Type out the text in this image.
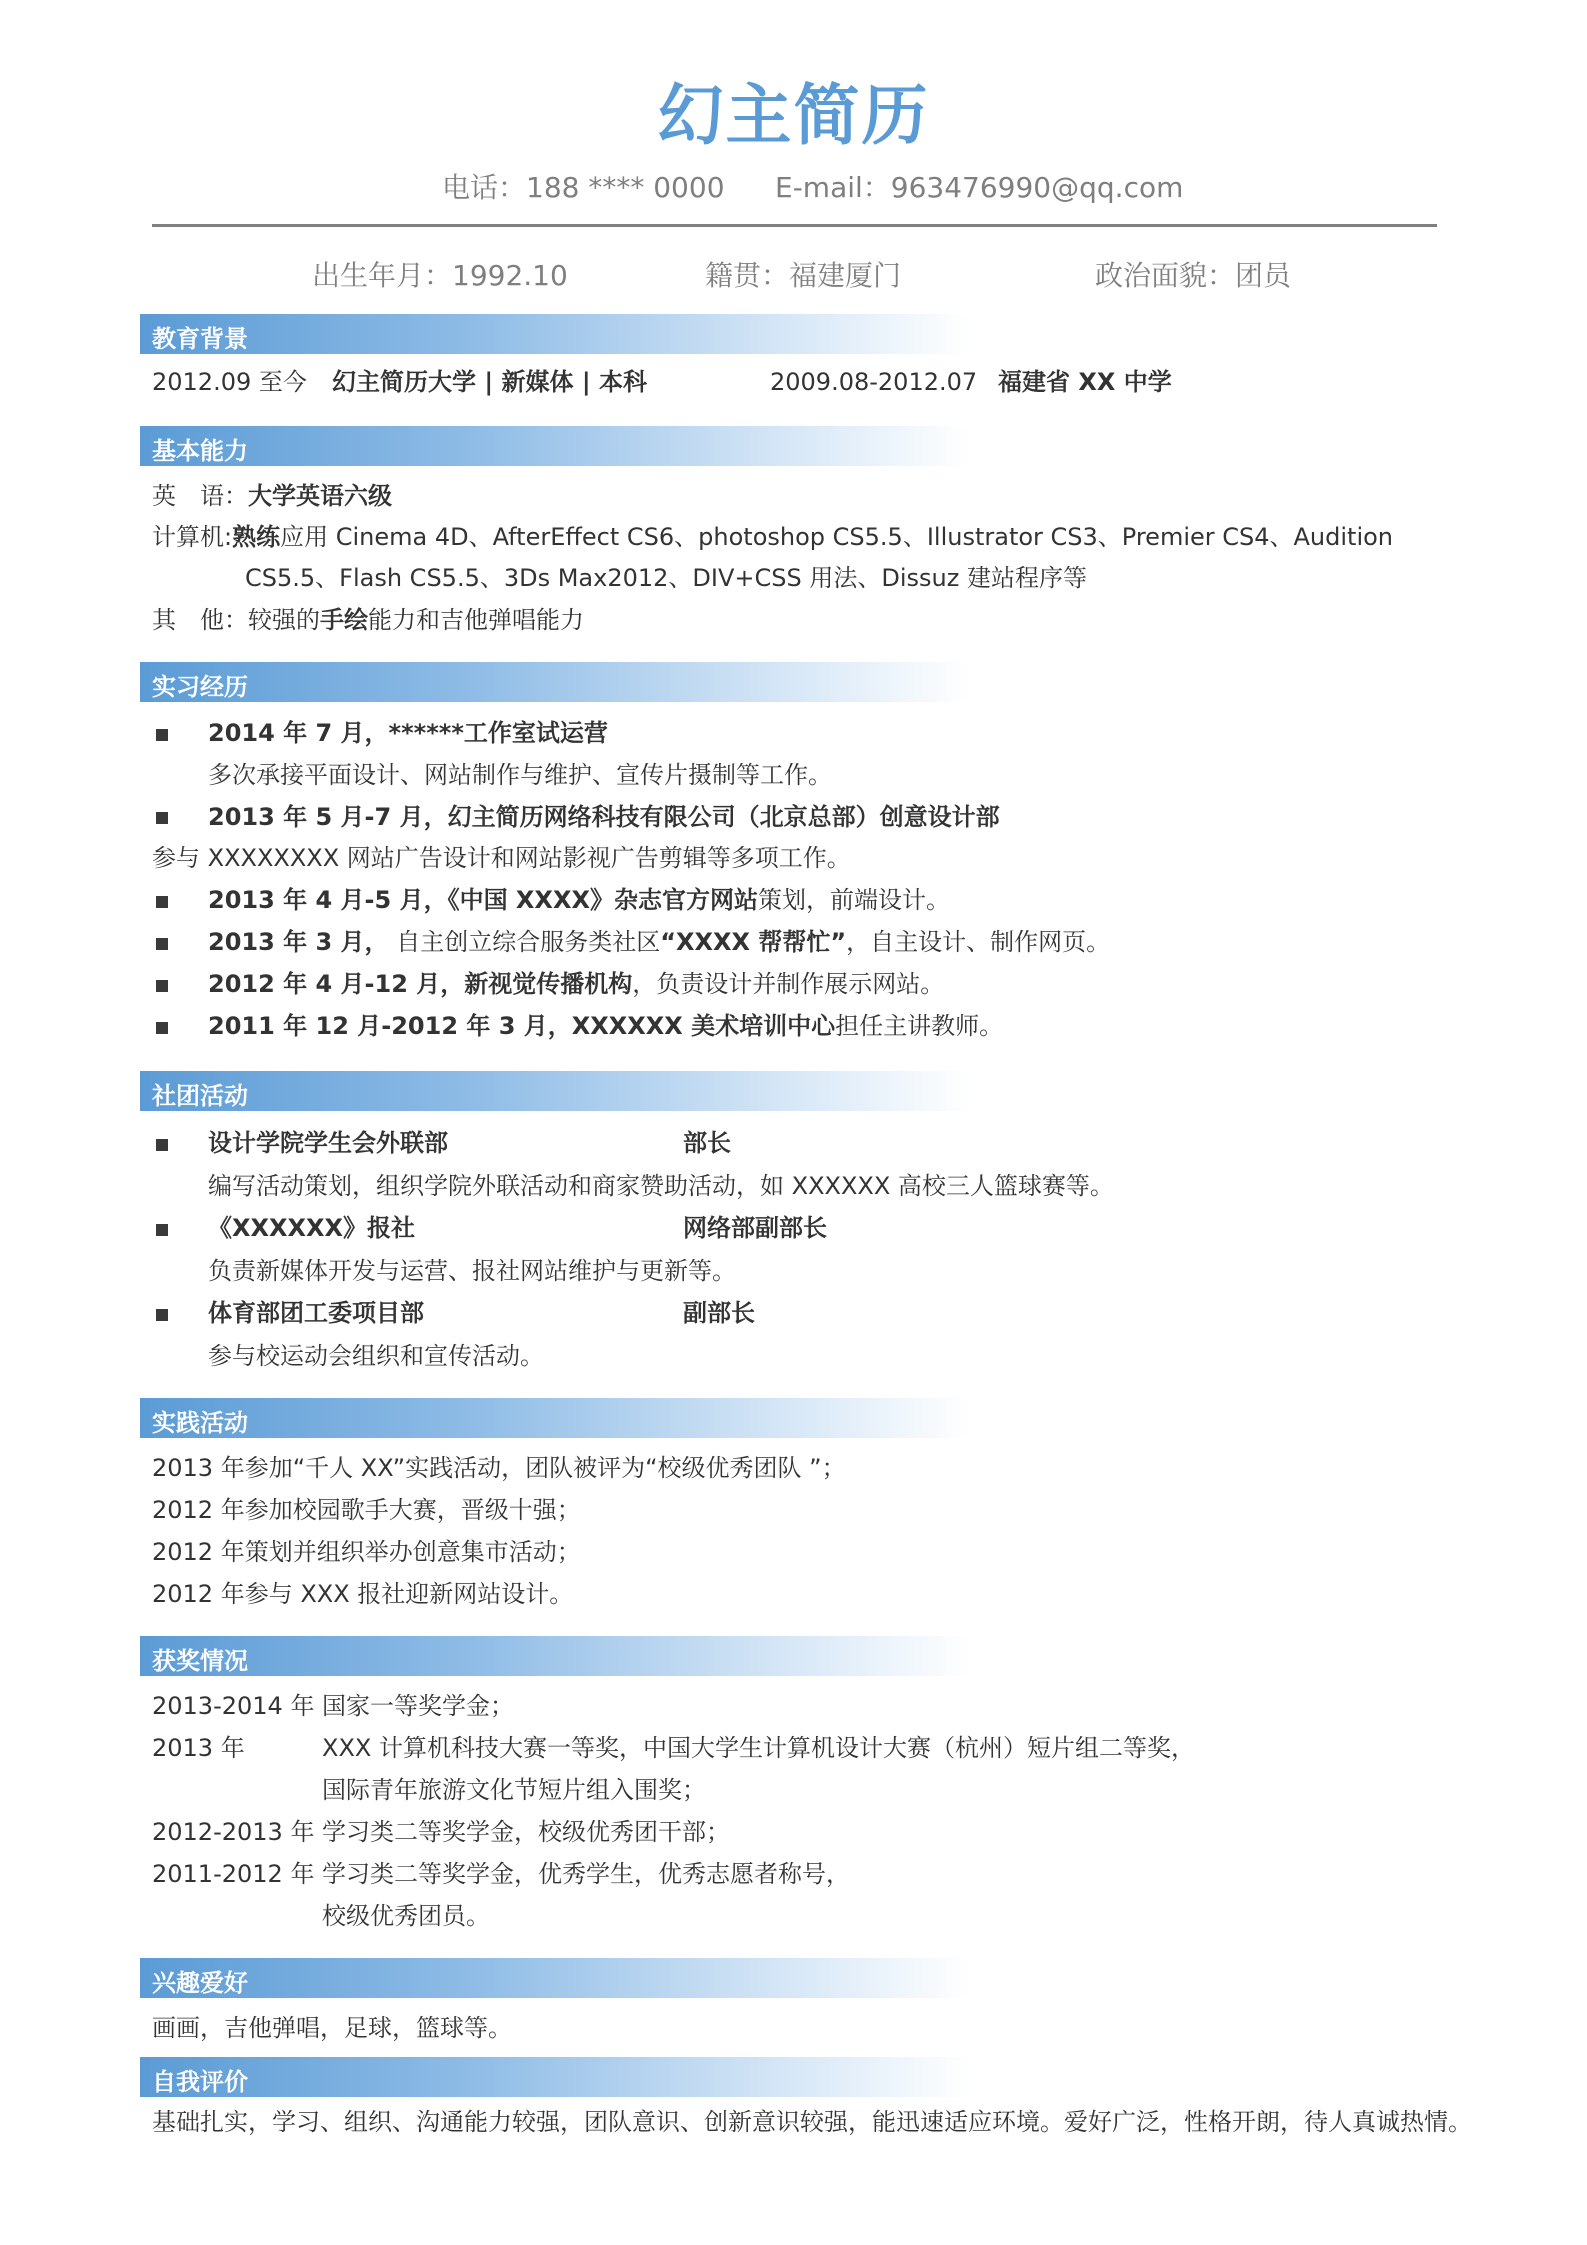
幻主简历
电话：188 **** 0000 E-mail：963476990@qq.com
出生年月：1992.10	籍贯：福建厦门	政治面貌：团员
教育背景
2012.09 至今 幻主简历大学 | 新媒体 | 本科	2009.08-2012.07 福建省 XX 中学
基本能力
英　语：大学英语六级
计算机:熟练应用 Cinema 4D、AfterEffect CS6、photoshop CS5.5、Illustrator CS3、Premier CS4、Audition
CS5.5、Flash CS5.5、3Ds Max2012、DIV+CSS 用法、Dissuz 建站程序等
其　他：较强的手绘能力和吉他弹唱能力
实习经历
2014 年 7 月，******工作室试运营
多次承接平面设计、网站制作与维护、宣传片摄制等工作。
2013 年 5 月-7 月，幻主简历网络科技有限公司（北京总部）创意设计部
参与 XXXXXXXX 网站广告设计和网站影视广告剪辑等多项工作。
2013 年 4 月-5 月，《中国 XXXX》杂志官方网站策划，前端设计。
2013 年 3 月， 自主创立综合服务类社区“XXXX 帮帮忙”，自主设计、制作网页。
2012 年 4 月-12 月，新视觉传播机构，负责设计并制作展示网站。
2011 年 12 月-2012 年 3 月，XXXXXX 美术培训中心担任主讲教师。
社团活动
设计学院学生会外联部	部长
编写活动策划，组织学院外联活动和商家赞助活动，如 XXXXXX 高校三人篮球赛等。
《XXXXXX》报社	网络部副部长
负责新媒体开发与运营、报社网站维护与更新等。
体育部团工委项目部	副部长
参与校运动会组织和宣传活动。
实践活动
2013 年参加“千人 XX”实践活动，团队被评为“校级优秀团队 ”；
2012 年参加校园歌手大赛，晋级十强；
2012 年策划并组织举办创意集市活动；
2012 年参与 XXX 报社迎新网站设计。
获奖情况
2013-2014 年 国家一等奖学金；
2013 年	XXX 计算机科技大赛一等奖，中国大学生计算机设计大赛（杭州）短片组二等奖，
国际青年旅游文化节短片组入围奖；
2012-2013 年 学习类二等奖学金，校级优秀团干部；
2011-2012 年 学习类二等奖学金，优秀学生，优秀志愿者称号，
校级优秀团员。
兴趣爱好
画画，吉他弹唱，足球，篮球等。
自我评价
基础扎实，学习、组织、沟通能力较强，团队意识、创新意识较强，能迅速适应环境。爱好广泛，性格开朗，待人真诚热情。
